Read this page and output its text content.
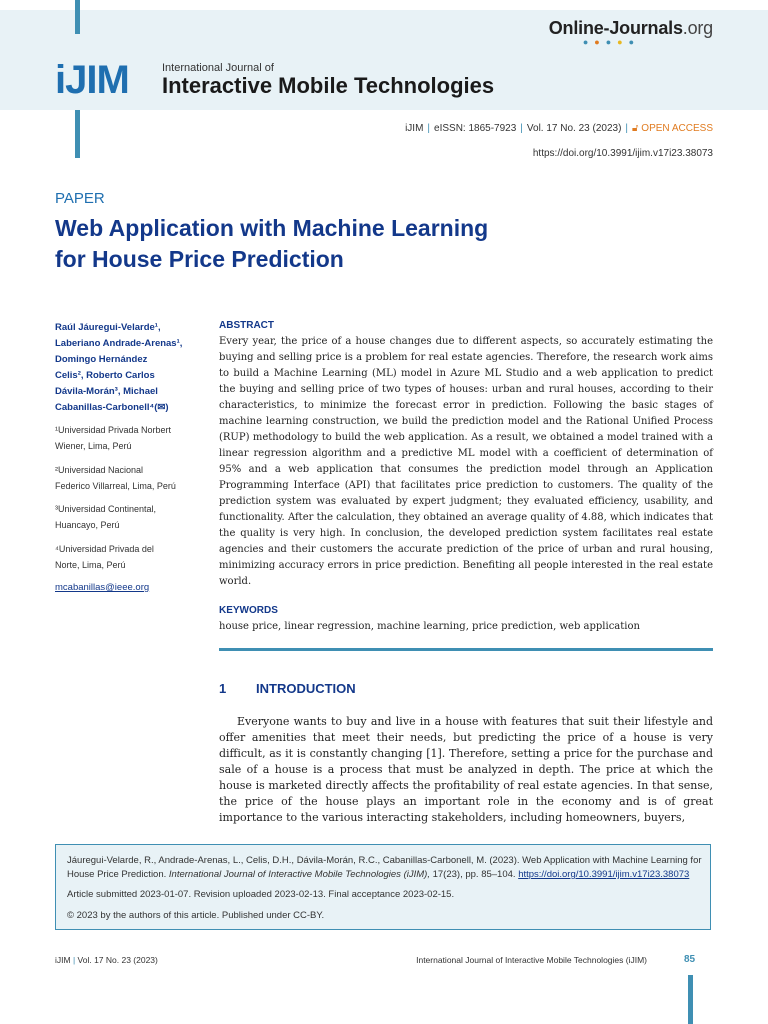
Online-Journals.org
●●●●●
iJIM	International Journal of
Interactive Mobile Technologies
iJIM | eISSN: 1865-7923 | Vol. 17 No. 23 (2023) | 🔓︎ OPEN ACCESS
https://doi.org/10.3991/ijim.v17i23.38073
PAPER
Web Application with Machine Learning
for House Price Prediction
Raúl Jáuregui-Velarde¹,
Laberiano Andrade-Arenas¹,
Domingo Hernández
Celis², Roberto Carlos
Dávila-Morán³, Michael
Cabanillas-Carbonell⁴(✉)
¹Universidad Privada Norbert
Wiener, Lima, Perú
²Universidad Nacional
Federico Villarreal, Lima, Perú
³Universidad Continental,
Huancayo, Perú
⁴Universidad Privada del
Norte, Lima, Perú
mcabanillas@ieee.org
ABSTRACT
Every year, the price of a house changes due to different aspects, so accurately estimating the buying and selling price is a problem for real estate agencies. Therefore, the research work aims to build a Machine Learning (ML) model in Azure ML Studio and a web application to predict the buying and selling price of two types of houses: urban and rural houses, according to their characteristics, to minimize the forecast error in prediction. Following the basic stages of machine learning construction, we build the prediction model and the Rational Unified Process (RUP) methodology to build the web application. As a result, we obtained a model trained with a linear regression algorithm and a predictive ML model with a coefficient of determination of 95% and a web application that consumes the prediction model through an Application Programming Interface (API) that facilitates price prediction to customers. The quality of the prediction system was evaluated by expert judgment; they evaluated efficiency, usability, and functionality. After the calculation, they obtained an average quality of 4.88, which indicates that the quality is very high. In conclusion, the developed prediction system facilitates real estate agencies and their customers the accurate prediction of the price of urban and rural housing, minimizing accuracy errors in price prediction. Benefiting all people interested in the real estate world.
KEYWORDS
house price, linear regression, machine learning, price prediction, web application
1 INTRODUCTION
Everyone wants to buy and live in a house with features that suit their lifestyle and offer amenities that meet their needs, but predicting the price of a house is very difficult, as it is constantly changing [1]. Therefore, setting a price for the purchase and sale of a house is a process that must be analyzed in depth. The price at which the house is marketed directly affects the profitability of real estate agencies. In that sense, the price of the house plays an important role in the economy and is of great importance to the various interacting stakeholders, including homeowners, buyers,
Jáuregui-Velarde, R., Andrade-Arenas, L., Celis, D.H., Dávila-Morán, R.C., Cabanillas-Carbonell, M. (2023). Web Application with Machine Learning for House Price Prediction. International Journal of Interactive Mobile Technologies (iJIM), 17(23), pp. 85–104. https://doi.org/10.3991/ijim.v17i23.38073
Article submitted 2023-01-07. Revision uploaded 2023-02-13. Final acceptance 2023-02-15.
© 2023 by the authors of this article. Published under CC-BY.
iJIM | Vol. 17 No. 23 (2023)	International Journal of Interactive Mobile Technologies (iJIM)	85
